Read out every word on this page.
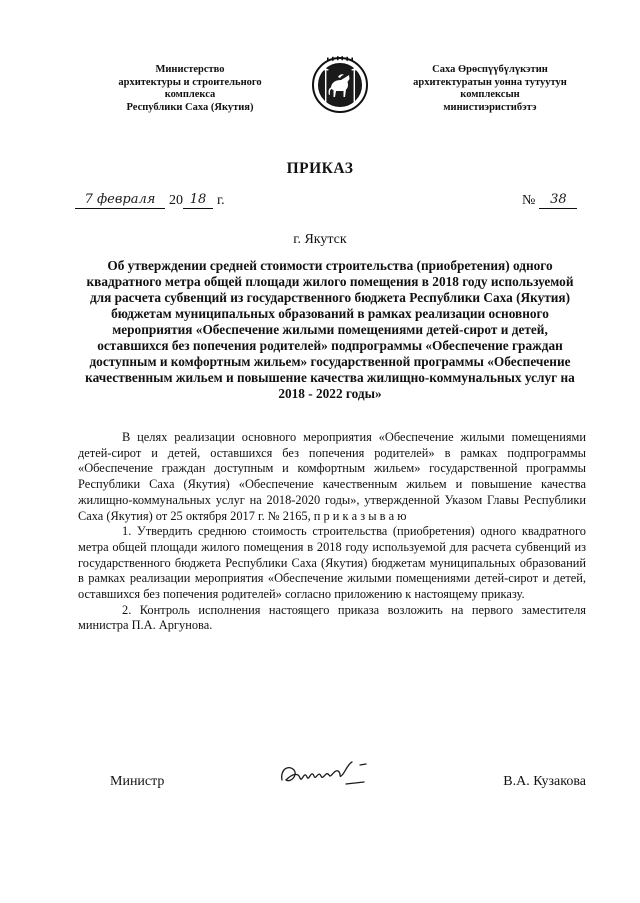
Министерство
архитектуры и строительного
комплекса
Республики Саха (Якутия)
Саха Өрөспүүбүлүкэтин
архитектуратын уонна тутуутун
комплексын
министиэристибэтэ
ПРИКАЗ
7 февраля 20 18 г.	№	38
г. Якутск
Об утверждении средней стоимости строительства (приобретения) одного квадратного метра общей площади жилого помещения в 2018 году используемой для расчета субвенций из государственного бюджета Республики Саха (Якутия) бюджетам муниципальных образований в рамках реализации основного мероприятия «Обеспечение жилыми помещениями детей-сирот и детей, оставшихся без попечения родителей» подпрограммы «Обеспечение граждан доступным и комфортным жильем» государственной программы «Обеспечение качественным жильем и повышение качества жилищно-коммунальных услуг на 2018 - 2022 годы»

В целях реализации основного мероприятия «Обеспечение жилыми помещениями детей-сирот и детей, оставшихся без попечения родителей» в рамках подпрограммы «Обеспечение граждан доступным и комфортным жильем» государственной программы Республики Саха (Якутия) «Обеспечение качественным жильем и повышение качества жилищно-коммунальных услуг на 2018-2020 годы», утвержденной Указом Главы Республики Саха (Якутия) от 25 октября 2017 г. № 2165, п р и к а з ы в а ю

1. Утвердить среднюю стоимость строительства (приобретения) одного квадратного метра общей площади жилого помещения в 2018 году используемой для расчета субвенций из государственного бюджета Республики Саха (Якутия) бюджетам муниципальных образований в рамках реализации мероприятия «Обеспечение жилыми помещениями детей-сирот и детей, оставшихся без попечения родителей» согласно приложению к настоящему приказу.

2. Контроль исполнения настоящего приказа возложить на первого заместителя министра П.А. Аргунова.

Министр	В.А. Кузакова
